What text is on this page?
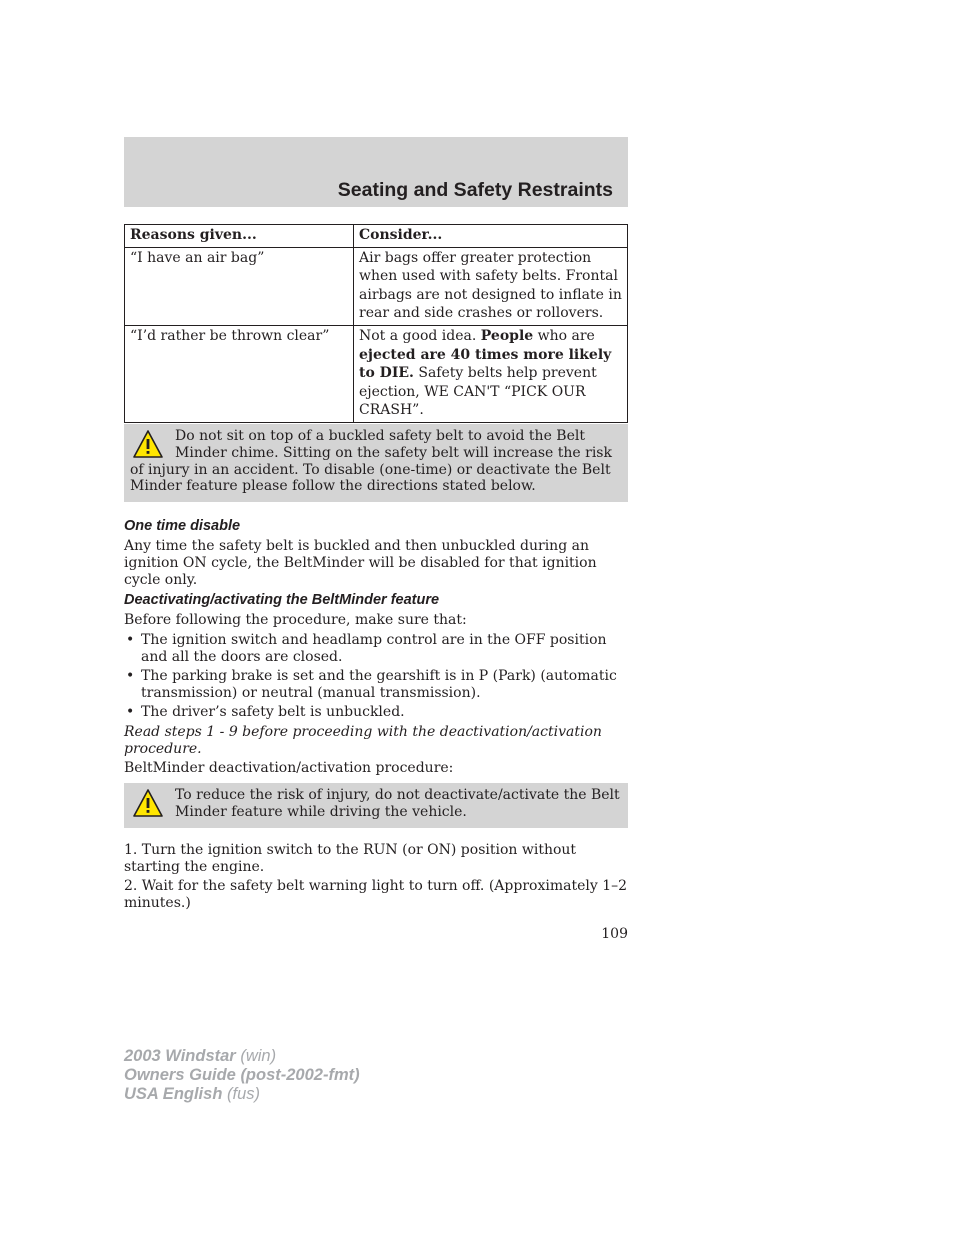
Seating and Safety Restraints
Reasons given...	Consider...
“I have an air bag”	Air bags offer greater protection when used with safety belts. Frontal airbags are not designed to inflate in rear and side crashes or rollovers.
“I’d rather be thrown clear”	Not a good idea. People who are ejected are 40 times more likely to DIE. Safety belts help prevent ejection, WE CAN'T “PICK OUR CRASH”.
Do not sit on top of a buckled safety belt to avoid the Belt Minder chime. Sitting on the safety belt will increase the risk of injury in an accident. To disable (one-time) or deactivate the Belt Minder feature please follow the directions stated below.
One time disable
Any time the safety belt is buckled and then unbuckled during an ignition ON cycle, the BeltMinder will be disabled for that ignition cycle only.
Deactivating/activating the BeltMinder feature
Before following the procedure, make sure that:
• The ignition switch and headlamp control are in the OFF position and all the doors are closed.
• The parking brake is set and the gearshift is in P (Park) (automatic transmission) or neutral (manual transmission).
• The driver’s safety belt is unbuckled.
Read steps 1 - 9 before proceeding with the deactivation/activation procedure.
BeltMinder deactivation/activation procedure:
To reduce the risk of injury, do not deactivate/activate the Belt Minder feature while driving the vehicle.
1. Turn the ignition switch to the RUN (or ON) position without starting the engine.
2. Wait for the safety belt warning light to turn off. (Approximately 1–2 minutes.)
109
2003 Windstar (win)
Owners Guide (post-2002-fmt)
USA English (fus)
